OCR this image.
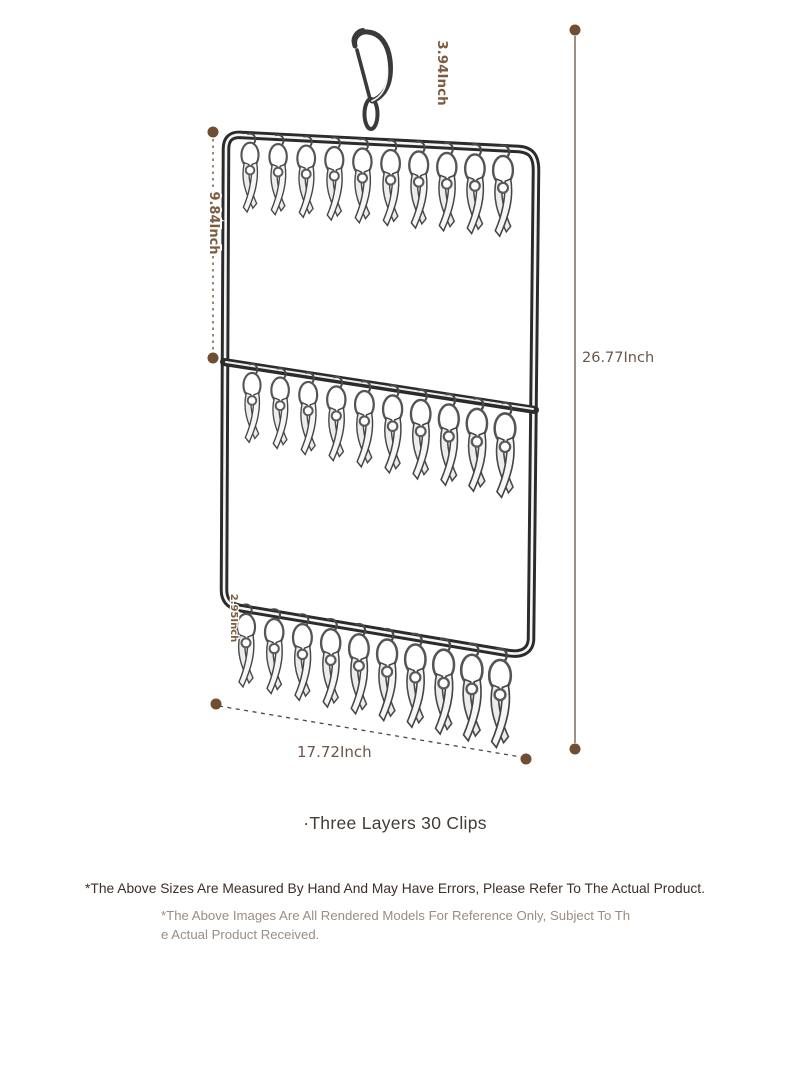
9.84Inch
3.94Inch
2.95Inch
26.77Inch
17.72Inch
·Three Layers 30 Clips
*The Above Sizes Are Measured By Hand And May Have Errors, Please Refer To The Actual Product.
*The Above Images Are All Rendered Models For Reference Only, Subject To Th
e Actual Product Received.
